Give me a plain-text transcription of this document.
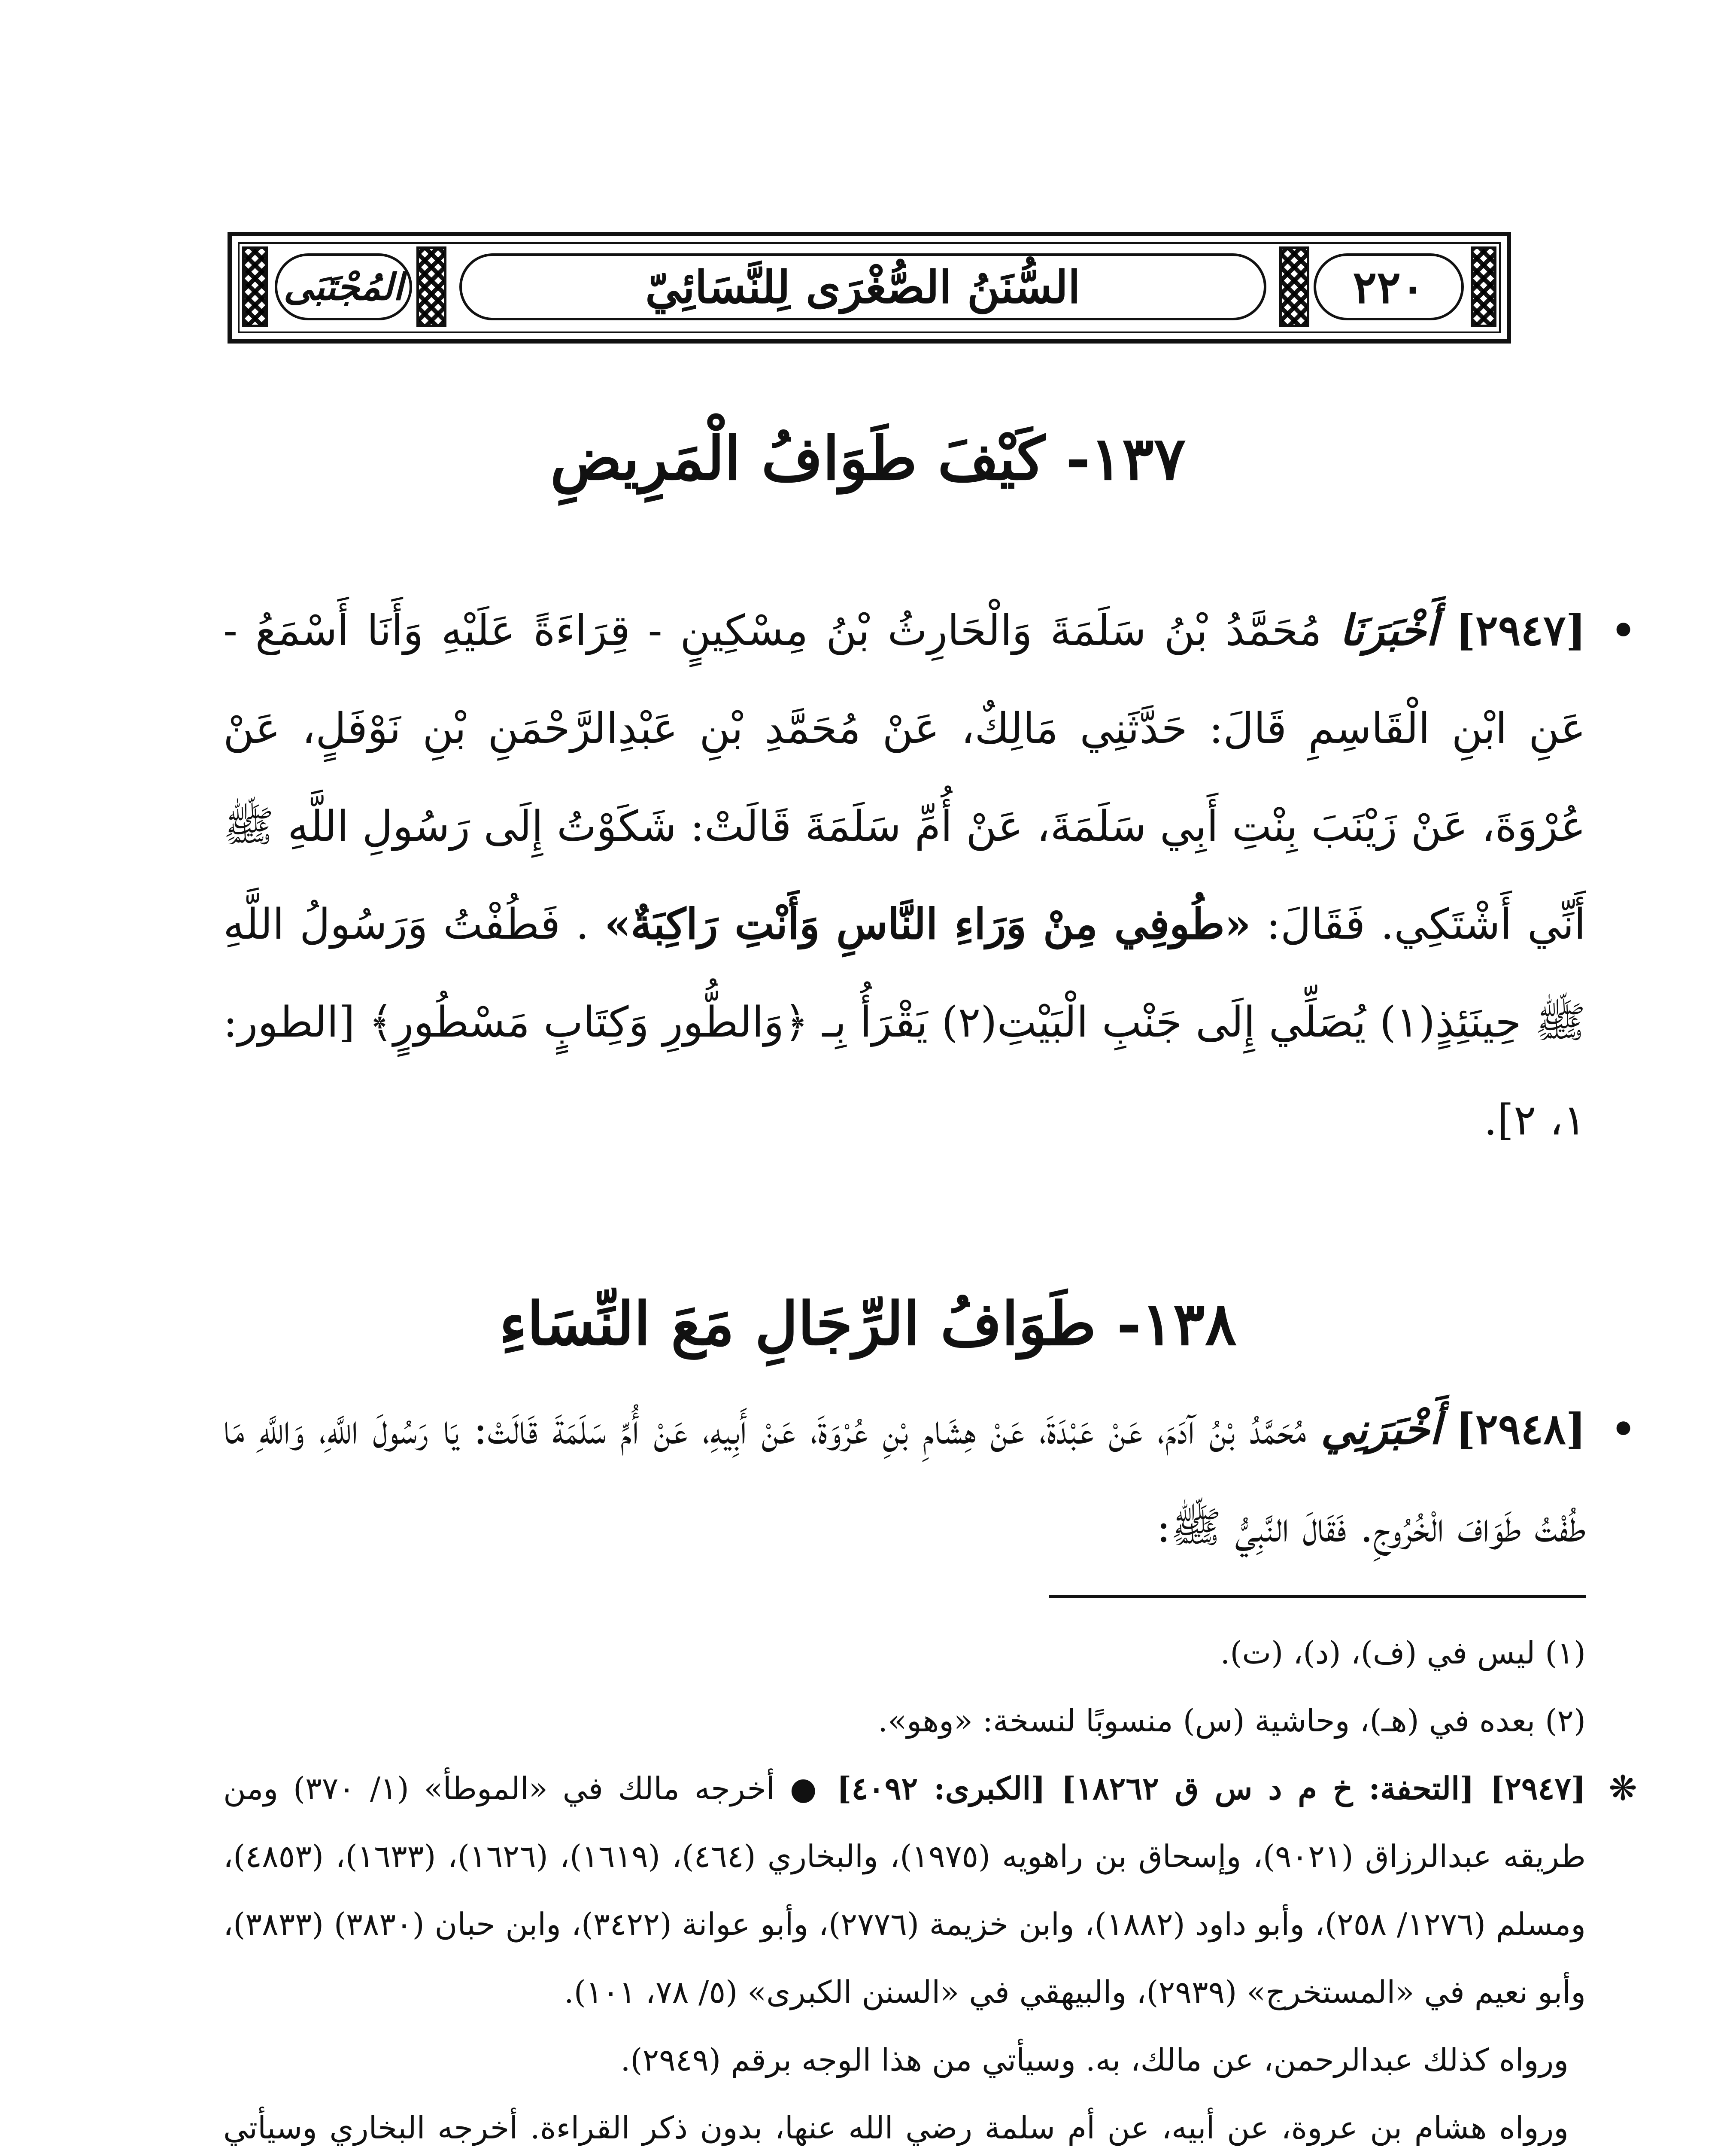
٢٢٠
السُّنَنُ الصُّغْرَى لِلنَّسَائِيّ
المُجْتَبَى
١٣٧- كَيْفَ طَوَافُ الْمَرِيضِ
•
[٢٩٤٧] أَخْبَرَنَا مُحَمَّدُ بْنُ سَلَمَةَ وَالْحَارِثُ بْنُ مِسْكِينٍ - قِرَاءَةً عَلَيْهِ وَأَنَا أَسْمَعُ - عَنِ ابْنِ الْقَاسِمِ قَالَ: حَدَّثَنِي مَالِكٌ، عَنْ مُحَمَّدِ بْنِ عَبْدِالرَّحْمَنِ بْنِ نَوْفَلٍ، عَنْ عُرْوَةَ، عَنْ زَيْنَبَ بِنْتِ أَبِي سَلَمَةَ، عَنْ أُمِّ سَلَمَةَ قَالَتْ: شَكَوْتُ إِلَى رَسُولِ اللَّهِ ﷺ أَنِّي أَشْتَكِي. فَقَالَ: «طُوفِي مِنْ وَرَاءِ النَّاسِ وَأَنْتِ رَاكِبَةٌ» . فَطُفْتُ وَرَسُولُ اللَّهِ ﷺ حِينَئِذٍ(١) يُصَلِّي إِلَى جَنْبِ الْبَيْتِ(٢) يَقْرَأُ بِـ ﴿وَالطُّورِ وَكِتَابٍ مَسْطُورٍ﴾ [الطور: ١، ٢].
١٣٨- طَوَافُ الرِّجَالِ مَعَ النِّسَاءِ
•
[٢٩٤٨] أَخْبَرَنِي مُحَمَّدُ بْنُ آدَمَ، عَنْ عَبْدَةَ، عَنْ هِشَامِ بْنِ عُرْوَةَ، عَنْ أَبِيهِ، عَنْ أُمِّ سَلَمَةَ قَالَتْ: يَا رَسُولَ اللَّهِ، وَاللَّهِ مَا طُفْتُ طَوَافَ الْخُرُوجِ. فَقَالَ النَّبِيُّ ﷺ:
(١) ليس في (ف)، (د)، (ت).
(٢) بعده في (هـ)، وحاشية (س) منسوبًا لنسخة: «وهو».
❋
[٢٩٤٧] [التحفة: خ م د س ق ١٨٢٦٢] [الكبرى: ٤٠٩٢] ● أخرجه مالك في «الموطأ» (١/ ٣٧٠) ومن طريقه عبدالرزاق (٩٠٢١)، وإسحاق بن راهويه (١٩٧٥)، والبخاري (٤٦٤)، (١٦١٩)، (١٦٢٦)، (١٦٣٣)، (٤٨٥٣)، ومسلم (١٢٧٦/ ٢٥٨)، وأبو داود (١٨٨٢)، وابن خزيمة (٢٧٧٦)، وأبو عوانة (٣٤٢٢)، وابن حبان (٣٨٣٠) (٣٨٣٣)، وأبو نعيم في «المستخرج» (٢٩٣٩)، والبيهقي في «السنن الكبرى» (٥/ ٧٨، ١٠١).
ورواه كذلك عبدالرحمن، عن مالك، به. وسيأتي من هذا الوجه برقم (٢٩٤٩).
ورواه هشام بن عروة، عن أبيه، عن أم سلمة رضي الله عنها، بدون ذكر القراءة. أخرجه البخاري وسيأتي
